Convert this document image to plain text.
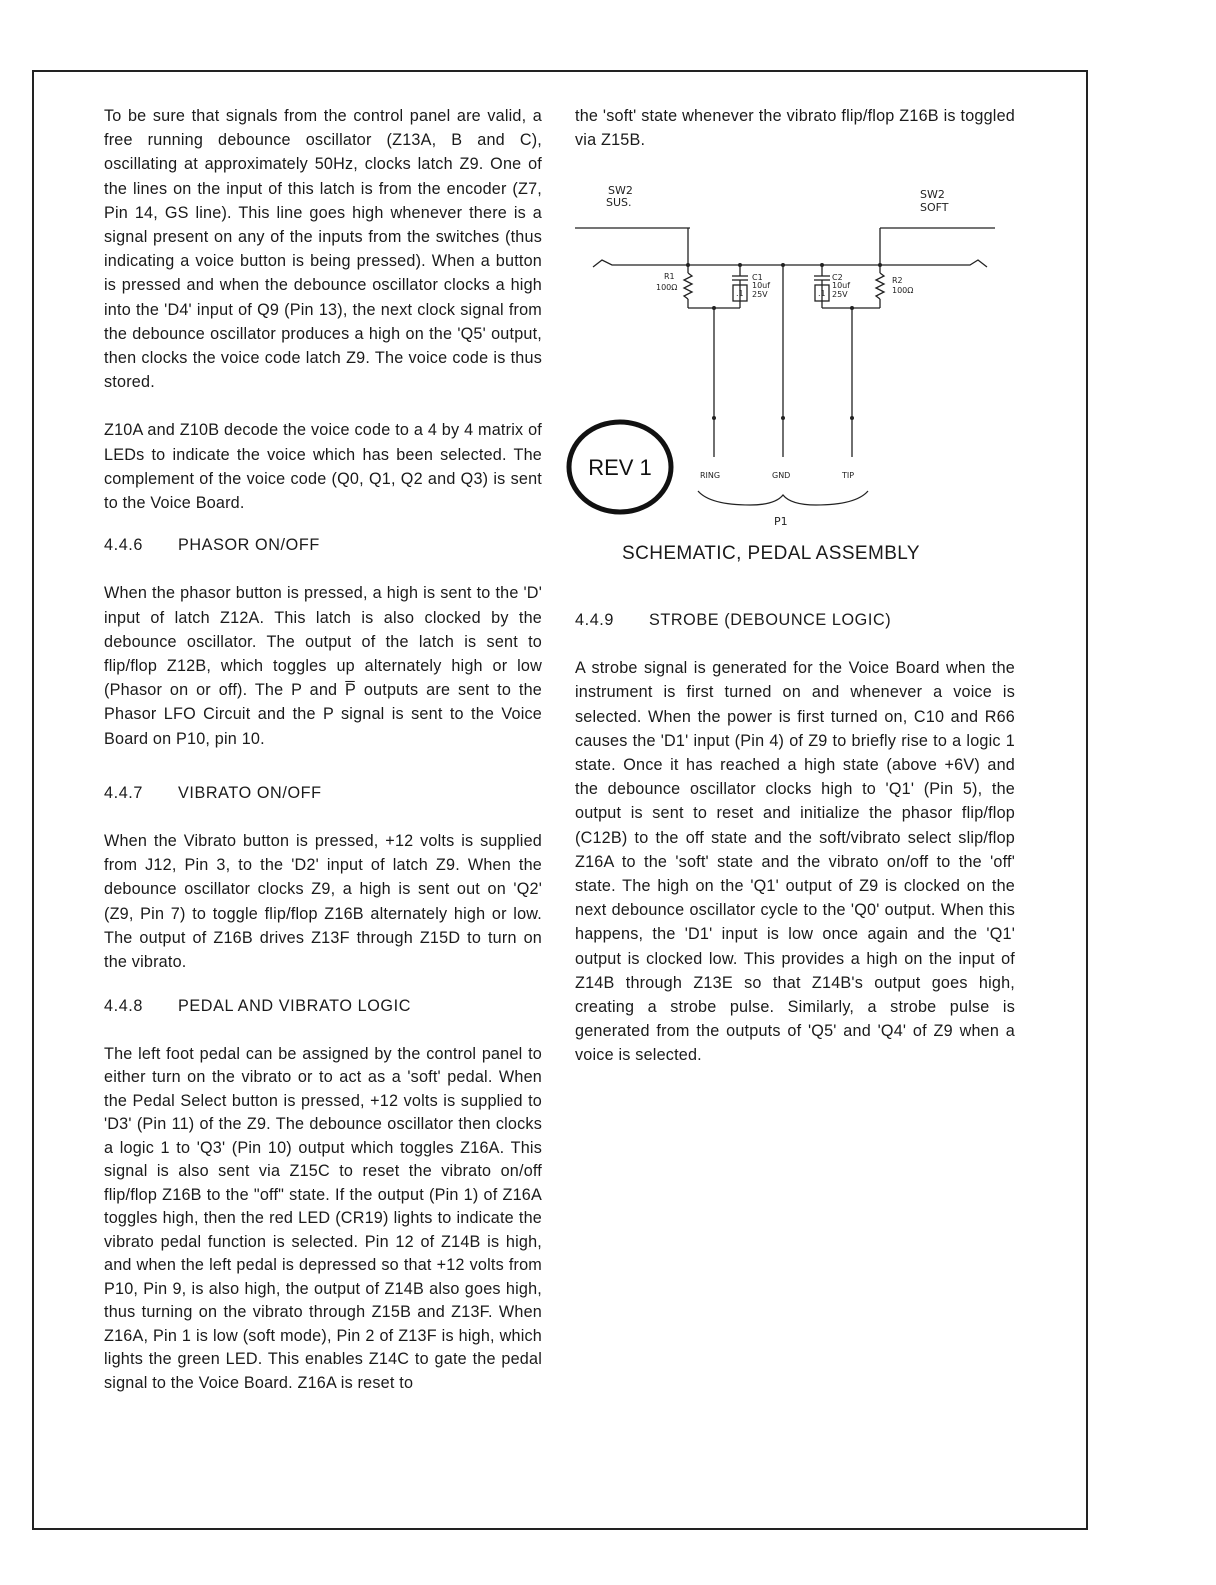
To be sure that signals from the control panel are valid, a free running debounce oscillator (Z13A, B and C), oscillating at approximately 50Hz, clocks latch Z9. One of the lines on the input of this latch is from the encoder (Z7, Pin 14, GS line). This line goes high whenever there is a signal present on any of the inputs from the switches (thus indicating a voice button is being pressed). When a button is pressed and when the debounce oscillator clocks a high into the 'D4' input of Q9 (Pin 13), the next clock signal from the debounce oscillator produces a high on the 'Q5' output, then clocks the voice code latch Z9. The voice code is thus stored.

Z10A and Z10B decode the voice code to a 4 by 4 matrix of LEDs to indicate the voice which has been selected. The complement of the voice code (Q0, Q1, Q2 and Q3) is sent to the Voice Board.

4.4.6	PHASOR ON/OFF

When the phasor button is pressed, a high is sent to the 'D' input of latch Z12A. This latch is also clocked by the debounce oscillator. The output of the latch is sent to flip/flop Z12B, which toggles up alternately high or low (Phasor on or off). The P and P̅ outputs are sent to the Phasor LFO Circuit and the P signal is sent to the Voice Board on P10, pin 10.

4.4.7	VIBRATO ON/OFF

When the Vibrato button is pressed, +12 volts is supplied from J12, Pin 3, to the 'D2' input of latch Z9. When the debounce oscillator clocks Z9, a high is sent out on 'Q2' (Z9, Pin 7) to toggle flip/flop Z16B alternately high or low. The output of Z16B drives Z13F through Z15D to turn on the vibrato.

4.4.8	PEDAL AND VIBRATO LOGIC

The left foot pedal can be assigned by the control panel to either turn on the vibrato or to act as a 'soft' pedal. When the Pedal Select button is pressed, +12 volts is supplied to 'D3' (Pin 11) of the Z9. The debounce oscillator then clocks a logic 1 to 'Q3' (Pin 10) output which toggles Z16A. This signal is also sent via Z15C to reset the vibrato on/off flip/flop Z16B to the "off" state. If the output (Pin 1) of Z16A toggles high, then the red LED (CR19) lights to indicate the vibrato pedal function is selected. Pin 12 of Z14B is high, and when the left pedal is depressed so that +12 volts from P10, Pin 9, is also high, the output of Z14B also goes high, thus turning on the vibrato through Z15B and Z13F. When Z16A, Pin 1 is low (soft mode), Pin 2 of Z13F is high, which lights the green LED. This enables Z14C to gate the pedal signal to the Voice Board. Z16A is reset to

the 'soft' state whenever the vibrato flip/flop Z16B is toggled via Z15B.

SW2
SUS.
SW2
SOFT
R1
100Ω
C1
10uf
25V
.1
C2
10uf
25V
.1
R2
100Ω
RING	GND	TIP
P1
REV 1
SCHEMATIC, PEDAL ASSEMBLY
4.4.9	STROBE (DEBOUNCE LOGIC)

A strobe signal is generated for the Voice Board when the instrument is first turned on and whenever a voice is selected. When the power is first turned on, C10 and R66 causes the 'D1' input (Pin 4) of Z9 to briefly rise to a logic 1 state. Once it has reached a high state (above +6V) and the debounce oscillator clocks high to 'Q1' (Pin 5), the output is sent to reset and initialize the phasor flip/flop (C12B) to the off state and the soft/vibrato select slip/flop Z16A to the 'soft' state and the vibrato on/off to the 'off' state. The high on the 'Q1' output of Z9 is clocked on the next debounce oscillator cycle to the 'Q0' output. When this happens, the 'D1' input is low once again and the 'Q1' output is clocked low. This provides a high on the input of Z14B through Z13E so that Z14B's output goes high, creating a strobe pulse. Similarly, a strobe pulse is generated from the outputs of 'Q5' and 'Q4' of Z9 when a voice is selected.
